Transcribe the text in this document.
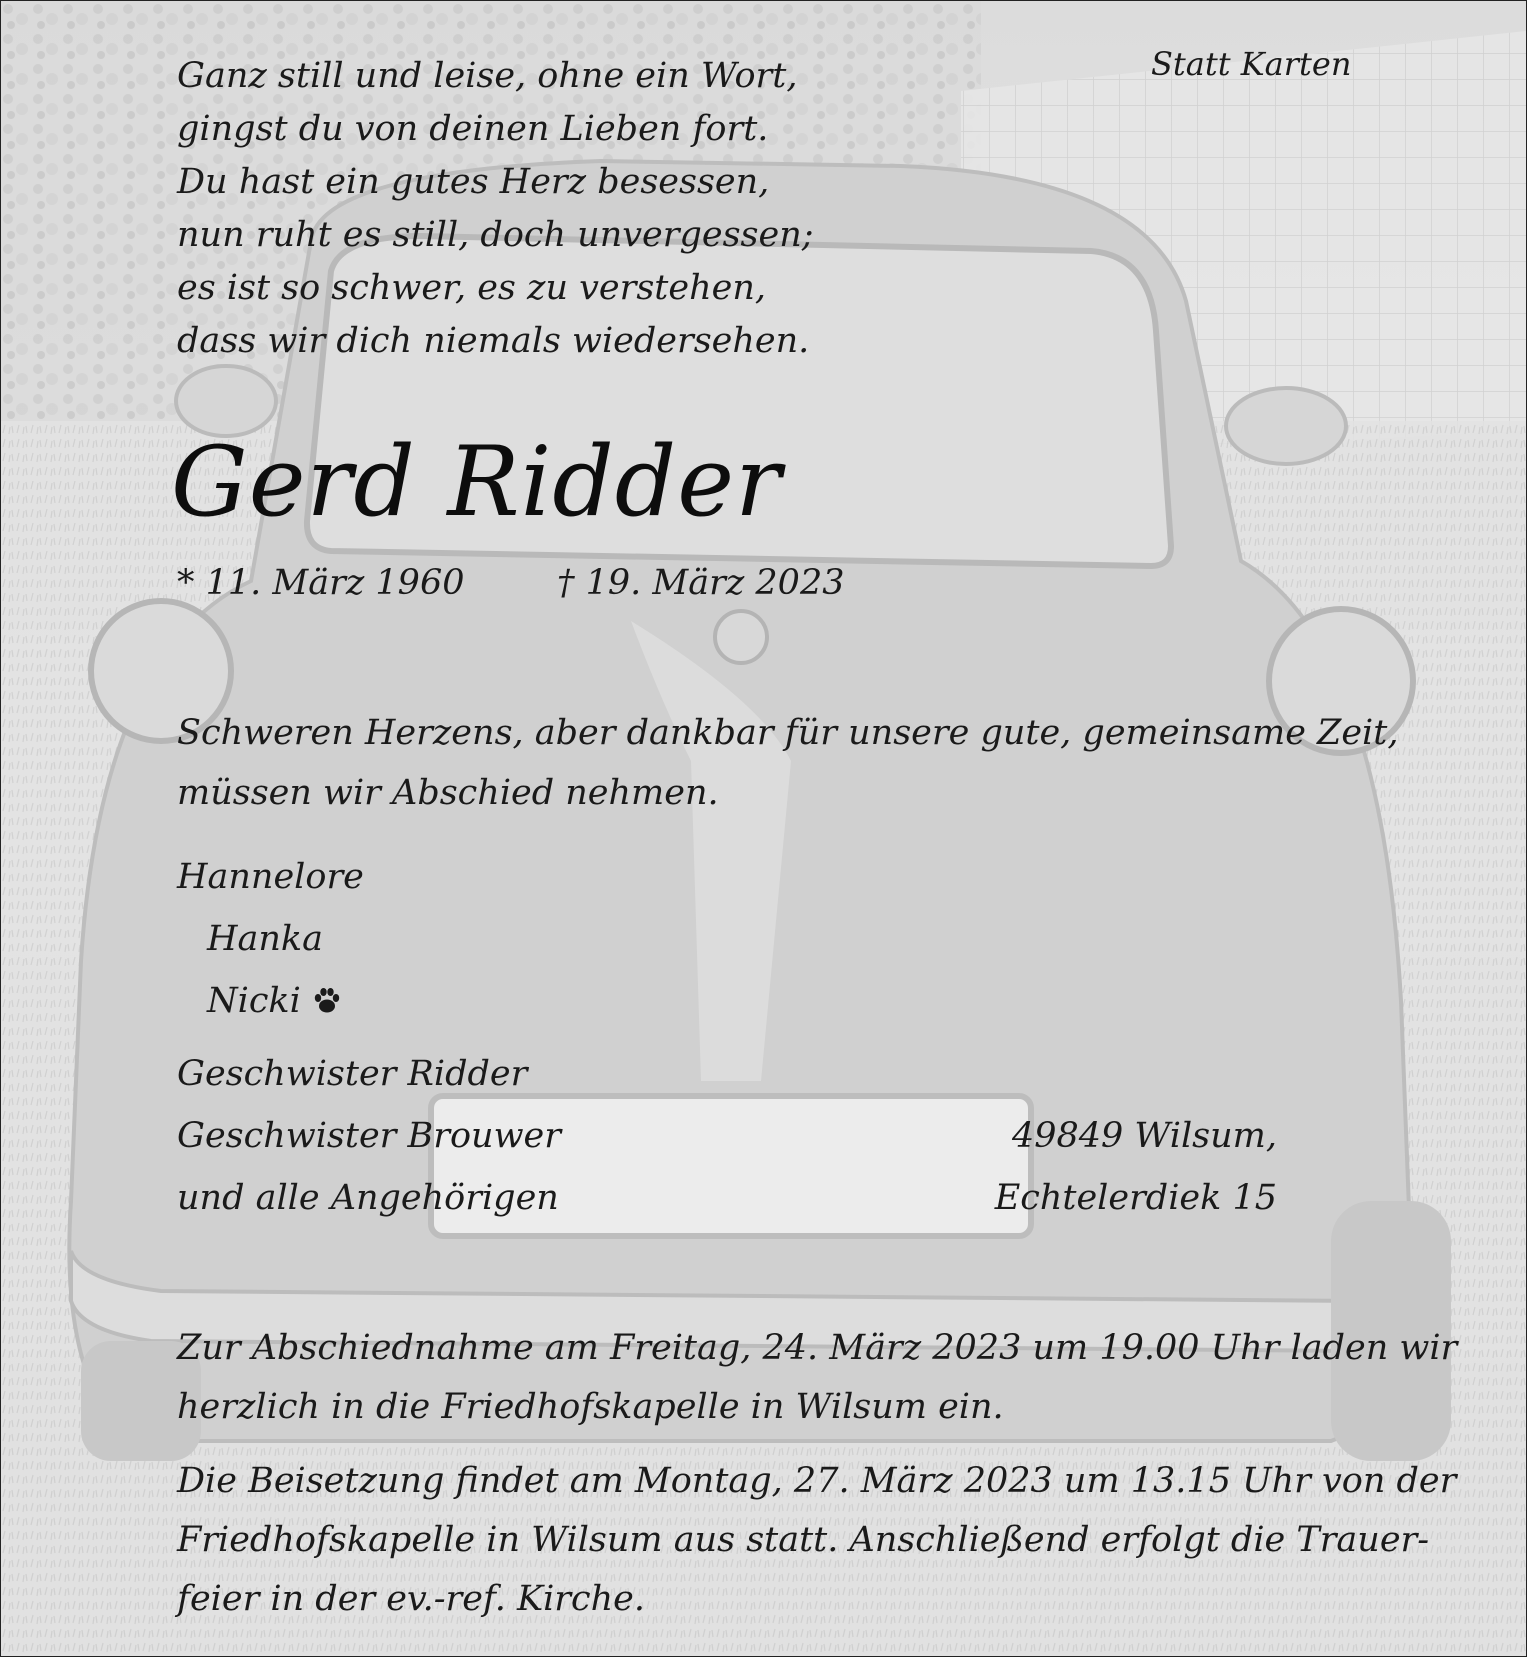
Statt Karten
Ganz still und leise, ohne ein Wort,
gingst du von deinen Lieben fort.
Du hast ein gutes Herz besessen,
nun ruht es still, doch unvergessen;
es ist so schwer, es zu verstehen,
dass wir dich niemals wiedersehen.
Gerd Ridder
* 11. März 1960	† 19. März 2023
Schweren Herzens, aber dankbar für unsere gute, gemeinsame Zeit,
müssen wir Abschied nehmen.
Hannelore
Hanka
Nicki
Geschwister Ridder
Geschwister Brouwer
und alle Angehörigen
49849 Wilsum,
Echtelerdiek 15
Zur Abschiednahme am Freitag, 24. März 2023 um 19.00 Uhr laden wir
herzlich in die Friedhofskapelle in Wilsum ein.
Die Beisetzung findet am Montag, 27. März 2023 um 13.15 Uhr von der
Friedhofskapelle in Wilsum aus statt. Anschließend erfolgt die Trauer-
feier in der ev.-ref. Kirche.
